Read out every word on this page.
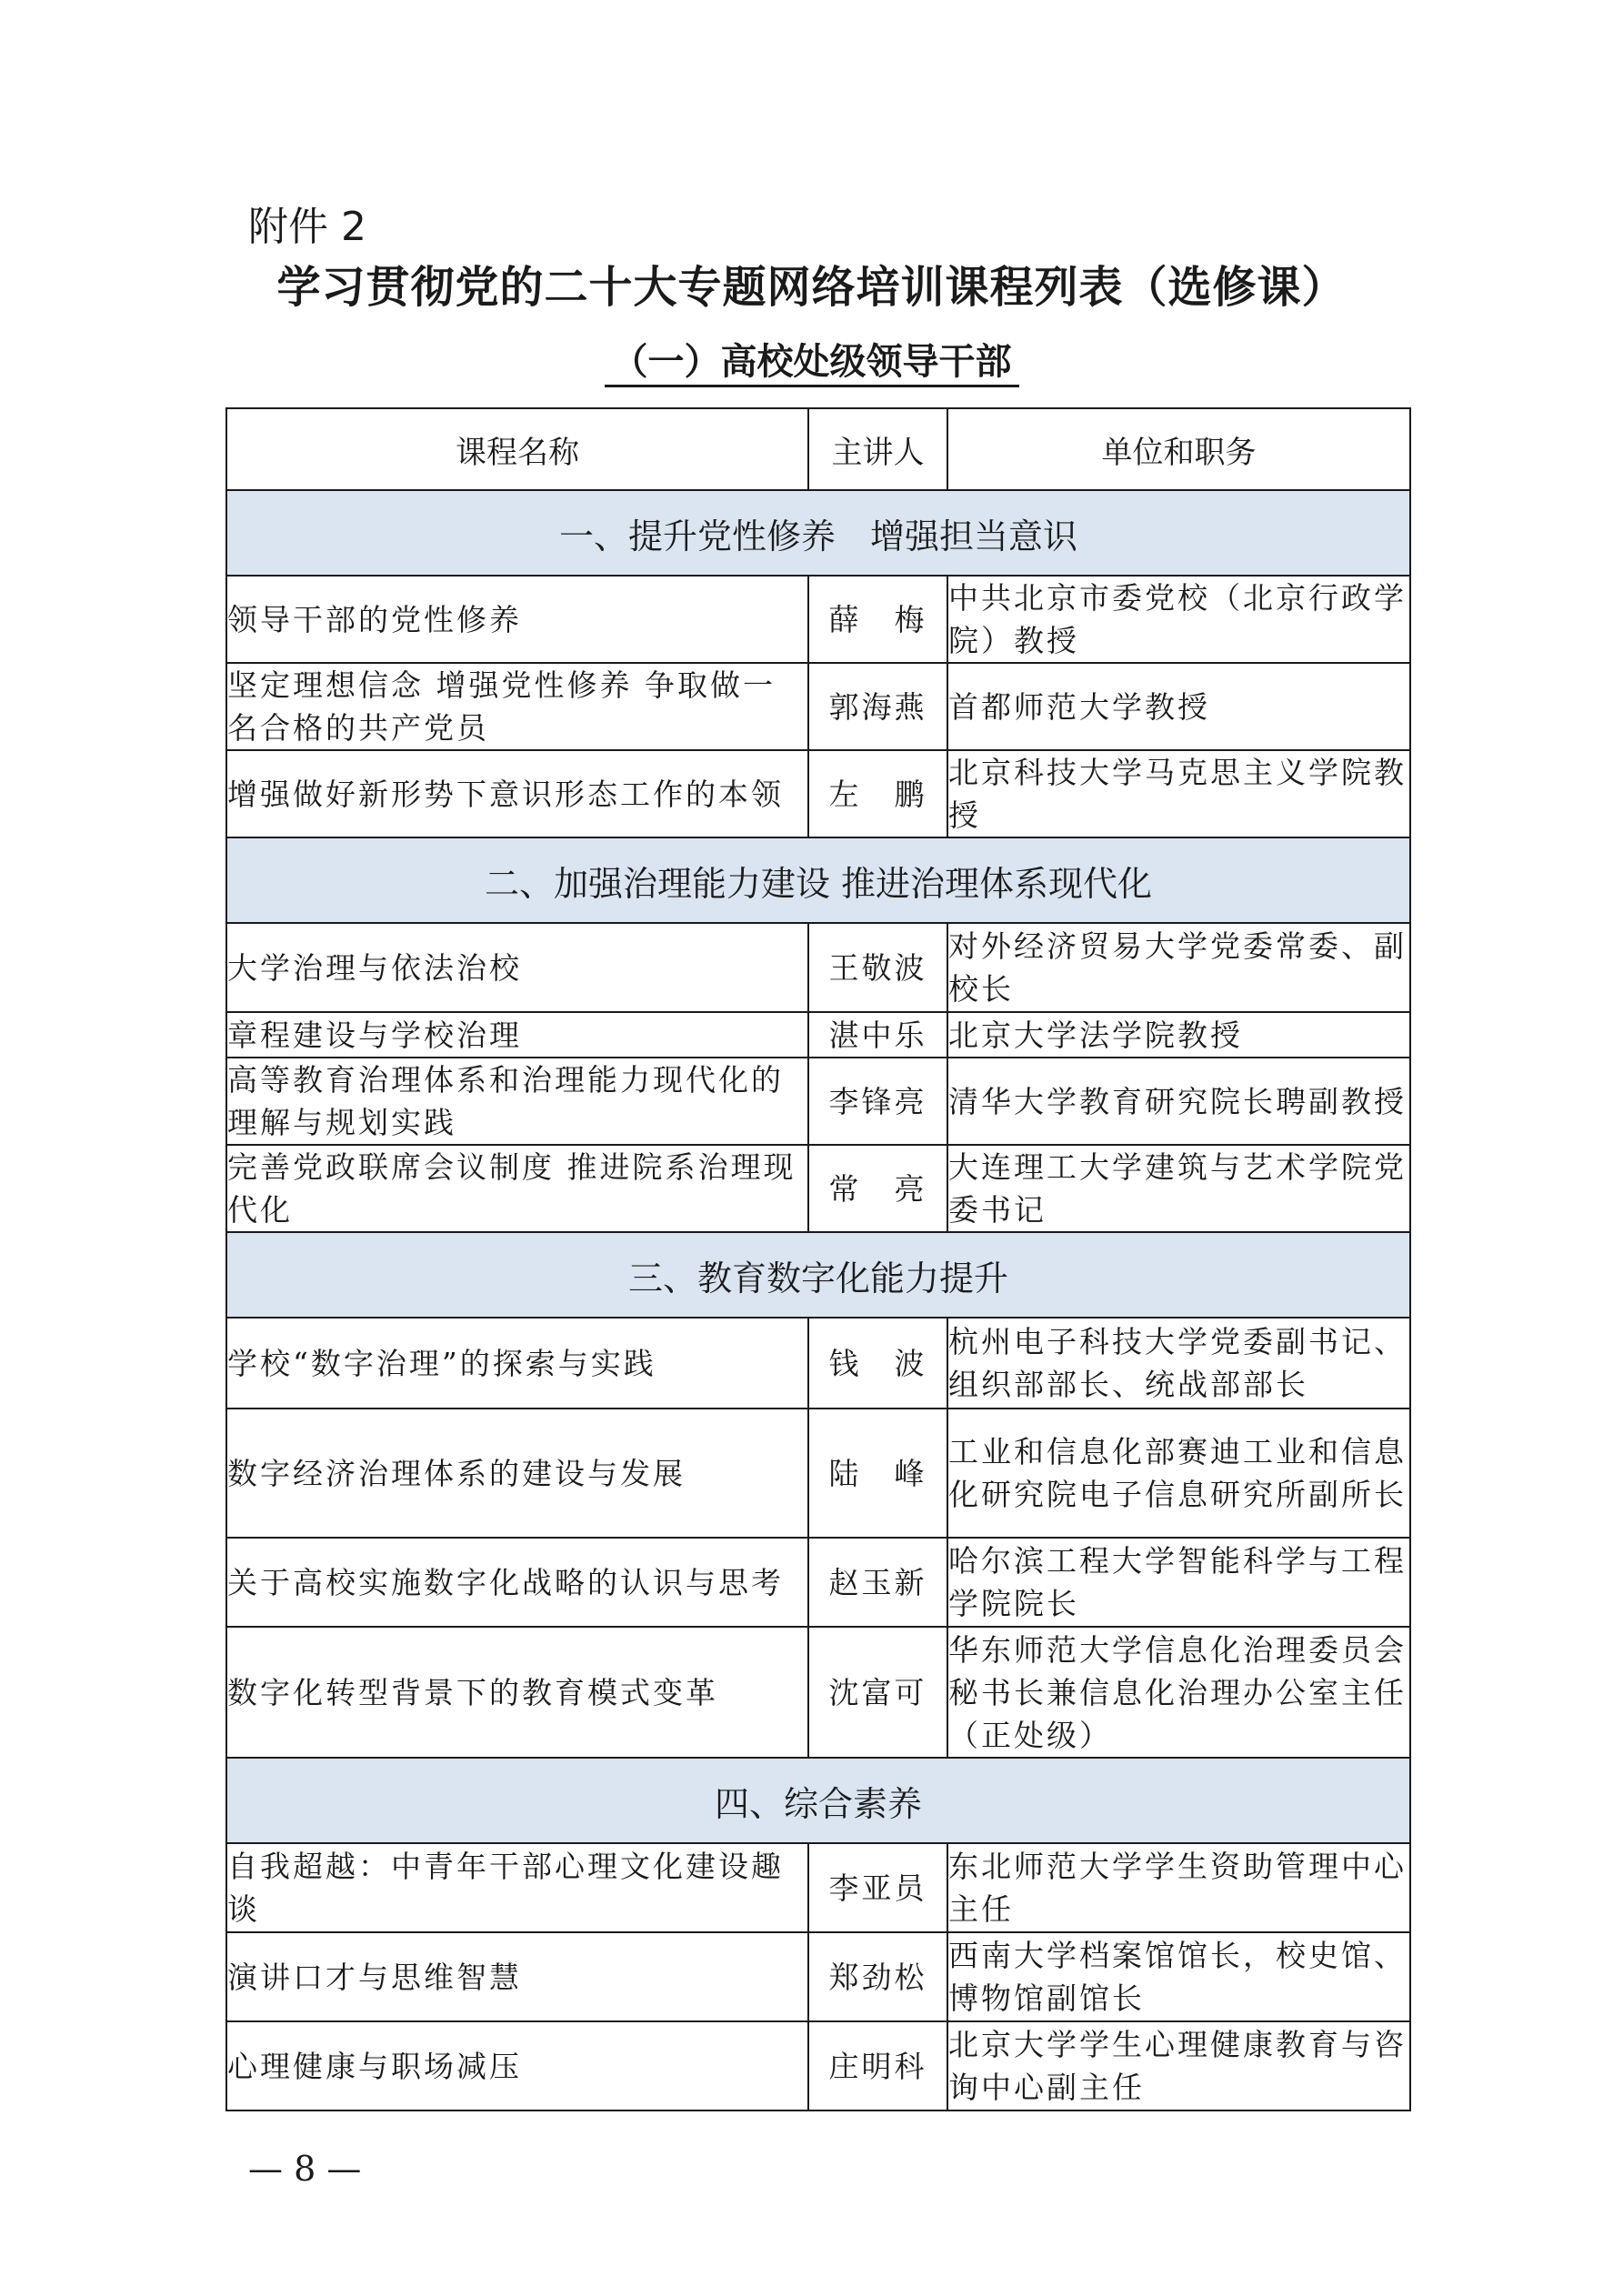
附件 2
学习贯彻党的二十大专题网络培训课程列表（选修课）
（一）高校处级领导干部
课程名称	主讲人	单位和职务
一、提升党性修养　增强担当意识		
领导干部的党性修养	薛　梅	中共北京市委党校（北京行政学院）教授
坚定理想信念 增强党性修养 争取做一名合格的共产党员	郭海燕	首都师范大学教授
增强做好新形势下意识形态工作的本领	左　鹏	北京科技大学马克思主义学院教授
二、加强治理能力建设 推进治理体系现代化		
大学治理与依法治校	王敬波	对外经济贸易大学党委常委、副校长
章程建设与学校治理	湛中乐	北京大学法学院教授
高等教育治理体系和治理能力现代化的理解与规划实践	李锋亮	清华大学教育研究院长聘副教授
完善党政联席会议制度 推进院系治理现代化	常　亮	大连理工大学建筑与艺术学院党委书记
三、教育数字化能力提升		
学校“数字治理”的探索与实践	钱　波	杭州电子科技大学党委副书记、组织部部长、统战部部长
数字经济治理体系的建设与发展	陆　峰	工业和信息化部赛迪工业和信息化研究院电子信息研究所副所长
关于高校实施数字化战略的认识与思考	赵玉新	哈尔滨工程大学智能科学与工程学院院长
数字化转型背景下的教育模式变革	沈富可	华东师范大学信息化治理委员会秘书长兼信息化治理办公室主任（正处级）
四、综合素养		
自我超越：中青年干部心理文化建设趣谈	李亚员	东北师范大学学生资助管理中心主任
演讲口才与思维智慧	郑劲松	西南大学档案馆馆长，校史馆、博物馆副馆长
心理健康与职场减压	庄明科	北京大学学生心理健康教育与咨询中心副主任
— 8 —
